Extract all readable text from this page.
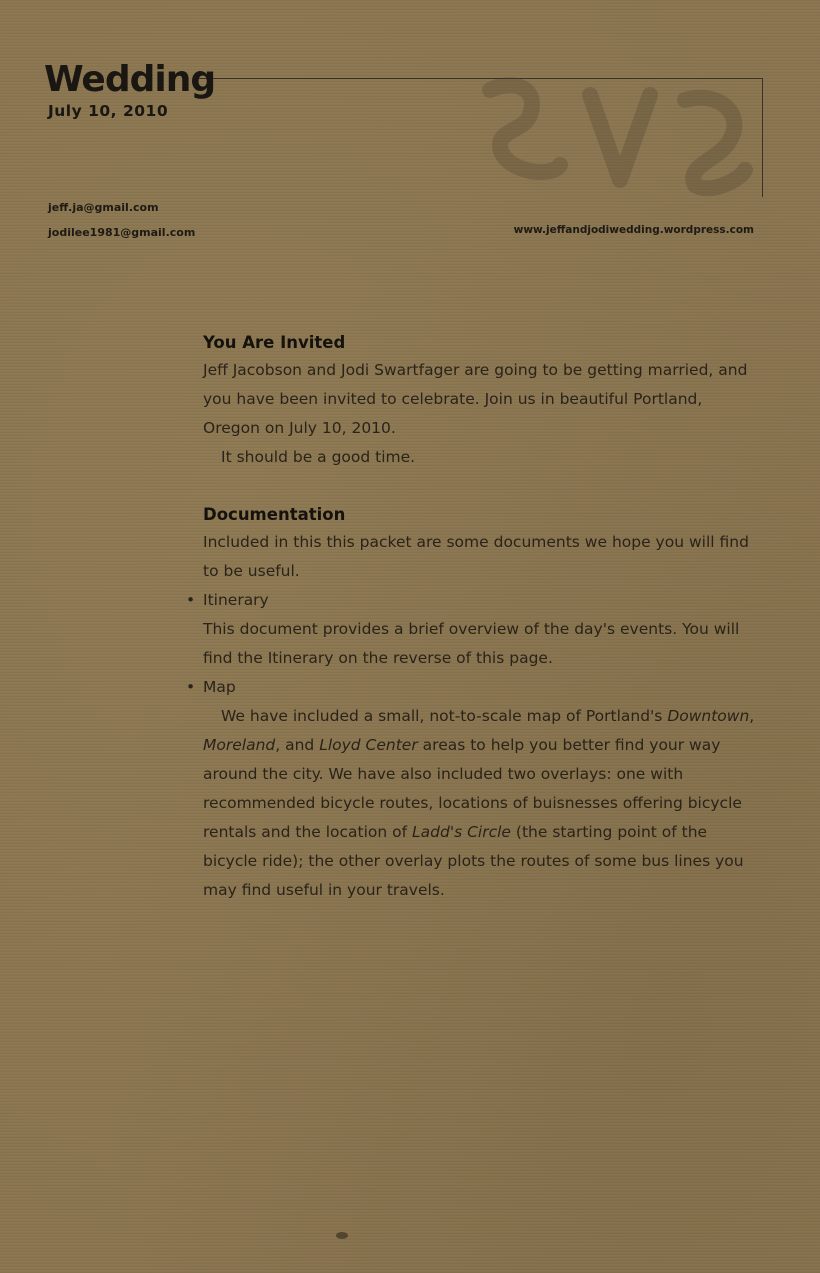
Wedding
July 10, 2010
jeff.ja@gmail.com
jodilee1981@gmail.com	www.jeffandjodiwedding.wordpress.com
You Are Invited

Jeff Jacobson and Jodi Swartfager are going to be getting married, and you have been invited to celebrate. Join us in beautiful Portland, Oregon on July 10, 2010.

It should be a good time.

Documentation

Included in this this packet are some documents we hope you will find to be useful.

• Itinerary

This document provides a brief overview of the day's events. You will find the Itinerary on the reverse of this page.

• Map

We have included a small, not-to-scale map of Portland's Downtown, Moreland, and Lloyd Center areas to help you better find your way around the city. We have also included two overlays: one with recommended bicycle routes, locations of buisnesses offering bicycle rentals and the location of Ladd's Circle (the starting point of the bicycle ride); the other overlay plots the routes of some bus lines you may find useful in your travels.
